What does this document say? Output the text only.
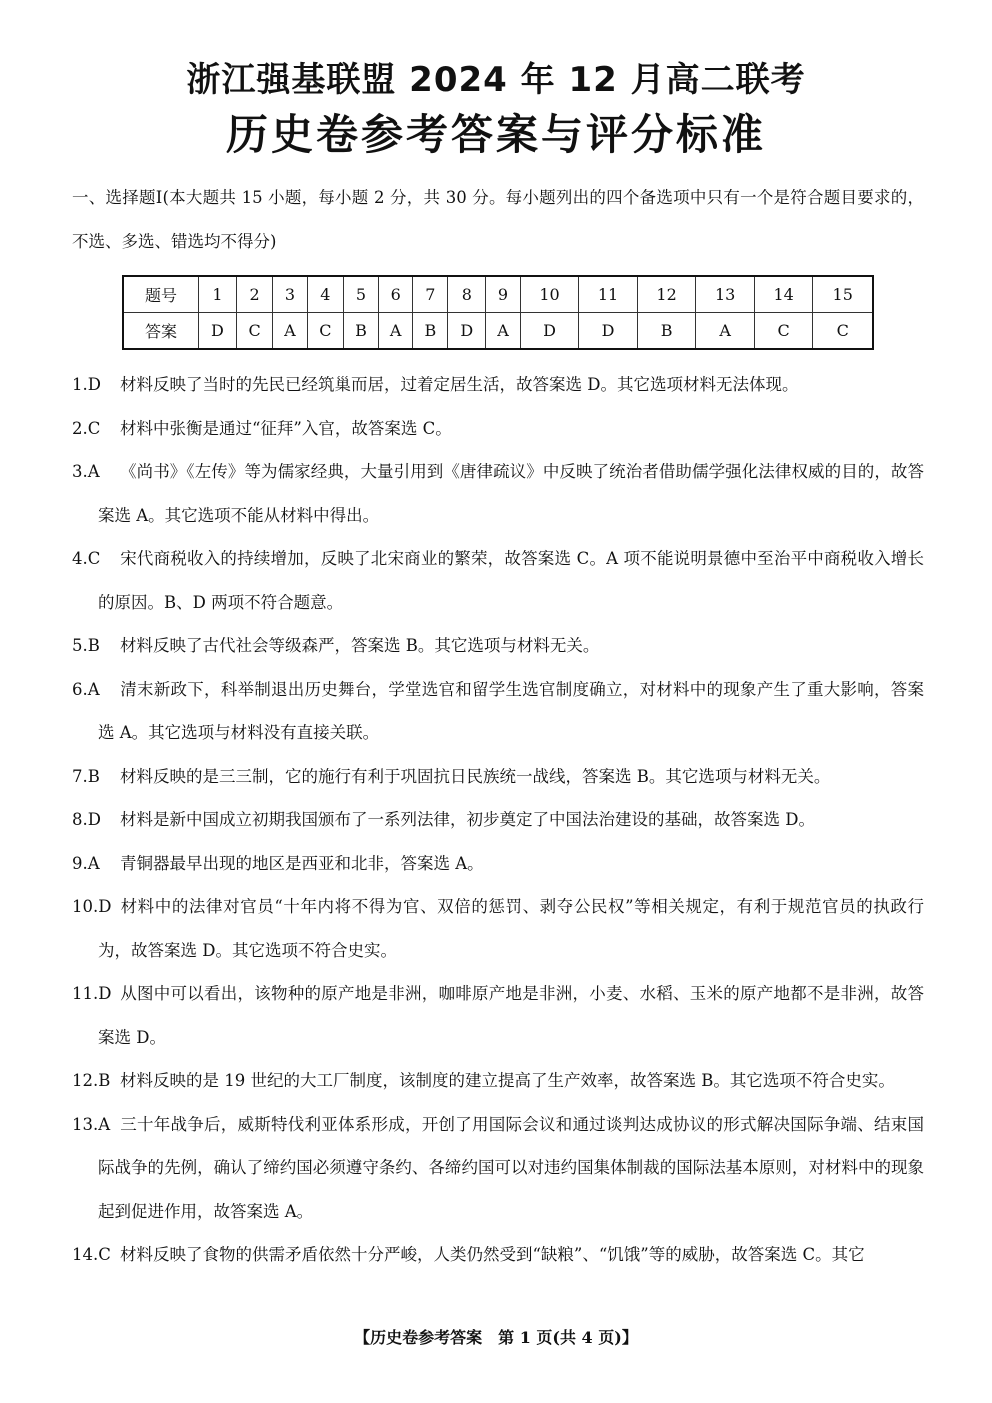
浙江强基联盟 2024 年 12 月高二联考
历史卷参考答案与评分标准
一、选择题Ⅰ(本大题共 15 小题，每小题 2 分，共 30 分。每小题列出的四个备选项中只有一个是符合题目要求的，不选、多选、错选均不得分)
题号	1	2	3	4	5	6	7	8	9	10	11	12	13	14	15
答案	D	C	A	C	B	A	B	D	A	D	D	B	A	C	C
1.D 材料反映了当时的先民已经筑巢而居，过着定居生活，故答案选 D。其它选项材料无法体现。
2.C 材料中张衡是通过“征拜”入官，故答案选 C。
3.A 《尚书》《左传》等为儒家经典，大量引用到《唐律疏议》中反映了统治者借助儒学强化法律权威的目的，故答案选 A。其它选项不能从材料中得出。
4.C 宋代商税收入的持续增加，反映了北宋商业的繁荣，故答案选 C。A 项不能说明景德中至治平中商税收入增长的原因。B、D 两项不符合题意。
5.B 材料反映了古代社会等级森严，答案选 B。其它选项与材料无关。
6.A 清末新政下，科举制退出历史舞台，学堂选官和留学生选官制度确立，对材料中的现象产生了重大影响，答案选 A。其它选项与材料没有直接关联。
7.B 材料反映的是三三制，它的施行有利于巩固抗日民族统一战线，答案选 B。其它选项与材料无关。
8.D 材料是新中国成立初期我国颁布了一系列法律，初步奠定了中国法治建设的基础，故答案选 D。
9.A 青铜器最早出现的地区是西亚和北非，答案选 A。
10.D 材料中的法律对官员“十年内将不得为官、双倍的惩罚、剥夺公民权”等相关规定，有利于规范官员的执政行为，故答案选 D。其它选项不符合史实。
11.D 从图中可以看出，该物种的原产地是非洲，咖啡原产地是非洲，小麦、水稻、玉米的原产地都不是非洲，故答案选 D。
12.B 材料反映的是 19 世纪的大工厂制度，该制度的建立提高了生产效率，故答案选 B。其它选项不符合史实。
13.A 三十年战争后，威斯特伐利亚体系形成，开创了用国际会议和通过谈判达成协议的形式解决国际争端、结束国际战争的先例，确认了缔约国必须遵守条约、各缔约国可以对违约国集体制裁的国际法基本原则，对材料中的现象起到促进作用，故答案选 A。
14.C 材料反映了食物的供需矛盾依然十分严峻，人类仍然受到“缺粮”、“饥饿”等的威胁，故答案选 C。其它
【历史卷参考答案　第 1 页(共 4 页)】
